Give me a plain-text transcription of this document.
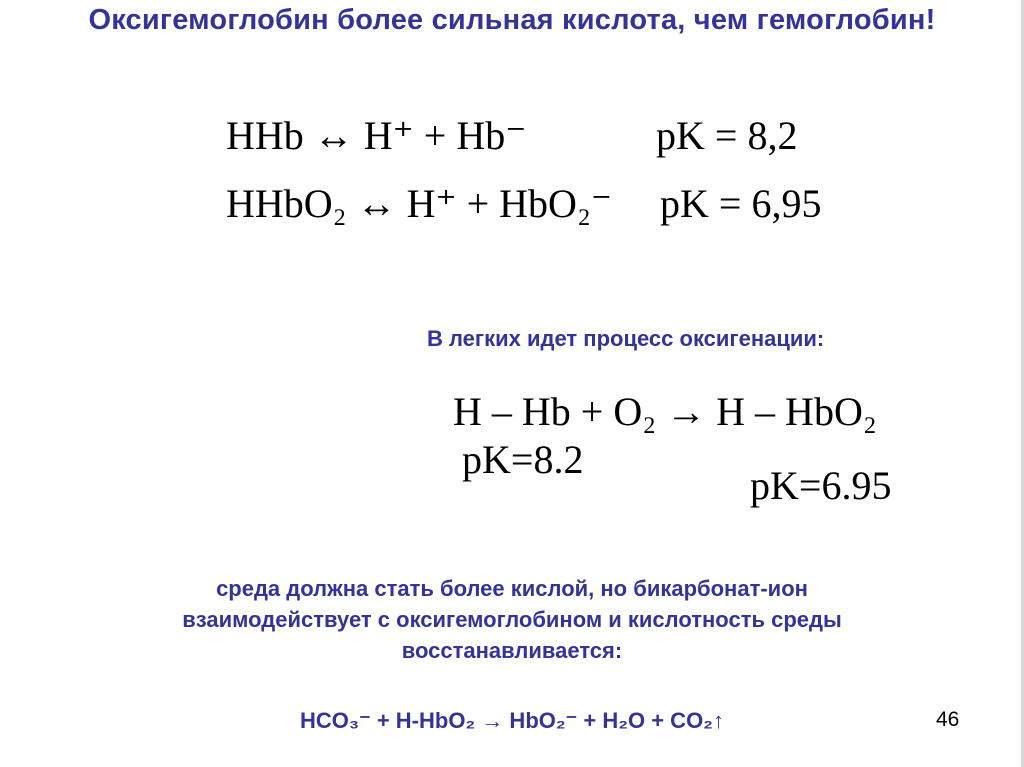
Оксигемоглобин более сильная кислота, чем гемоглобин!
HHb ↔ H⁺ + Hb⁻	pK = 8,2
HHbO₂ ↔ H⁺ + HbO₂⁻ pK = 6,95
В легких идет процесс оксигенации:
H – Hb + O₂ → H – HbO₂
pK=8.2
pK=6.95
среда должна стать более кислой, но бикарбонат-ион
взаимодействует с оксигемоглобином и кислотность среды
восстанавливается:
HCO₃⁻ + H-HbO₂ → HbO₂⁻ + H₂O + CO₂↑	46
